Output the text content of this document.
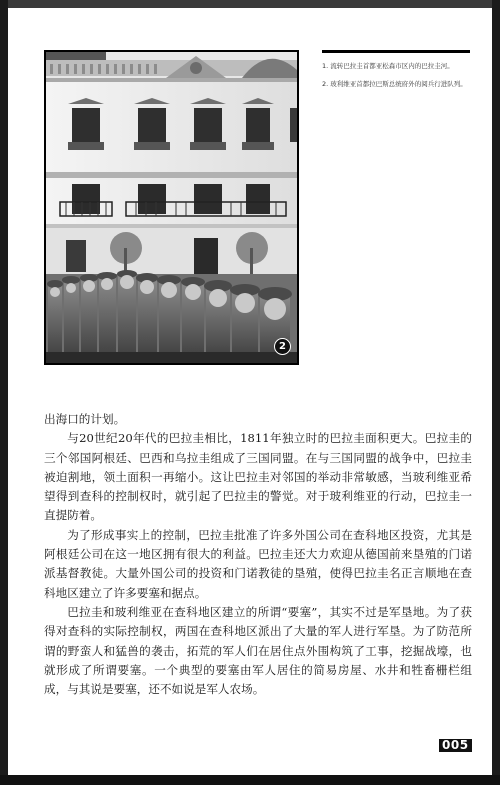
2

1. 流转巴拉圭首都亚松森市区内的巴拉圭河。

2. 玻利维亚首都拉巴斯总统府外的阅兵行进队列。

出海口的计划。

与20世纪20年代的巴拉圭相比，1811年独立时的巴拉圭面积更大。巴拉圭的三个邻国阿根廷、巴西和乌拉圭组成了三国同盟。在与三国同盟的战争中，巴拉圭被迫割地，领土面积一再缩小。这让巴拉圭对邻国的举动非常敏感，当玻利维亚希望得到查科的控制权时，就引起了巴拉圭的警觉。对于玻利维亚的行动，巴拉圭一直提防着。

为了形成事实上的控制，巴拉圭批准了许多外国公司在查科地区投资，尤其是阿根廷公司在这一地区拥有很大的利益。巴拉圭还大力欢迎从德国前来垦殖的门诺派基督教徒。大量外国公司的投资和门诺教徒的垦殖，使得巴拉圭名正言顺地在查科地区建立了许多要塞和据点。

巴拉圭和玻利维亚在查科地区建立的所谓“要塞”，其实不过是军垦地。为了获得对查科的实际控制权，两国在查科地区派出了大量的军人进行军垦。为了防范所谓的野蛮人和猛兽的袭击，拓荒的军人们在居住点外围构筑了工事，挖掘战壕，也就形成了所谓要塞。一个典型的要塞由军人居住的简易房屋、水井和牲畜栅栏组成，与其说是要塞，还不如说是军人农场。

005
